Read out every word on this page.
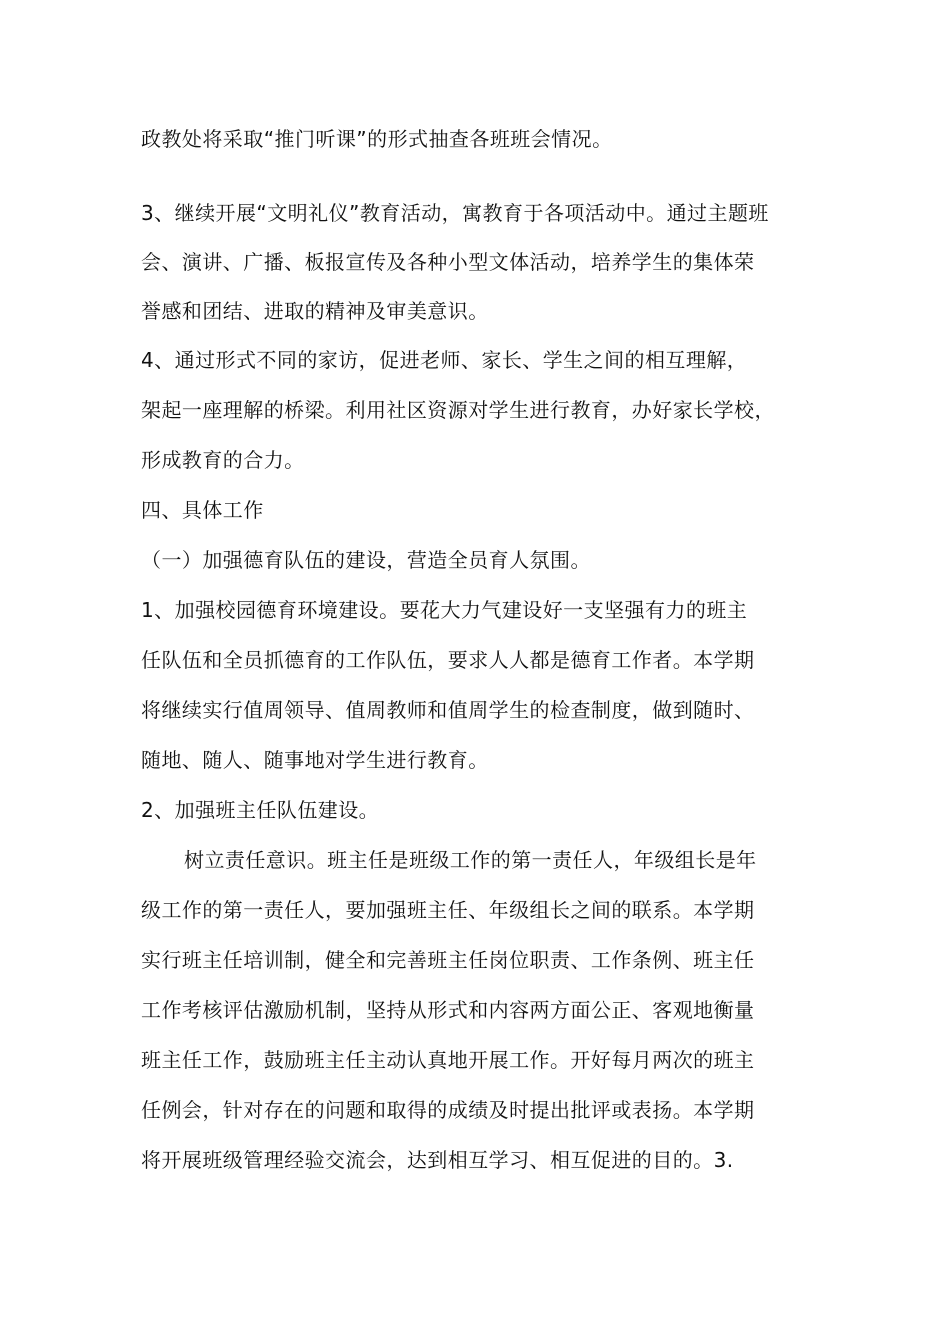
政教处将采取“推门听课”的形式抽查各班班会情况。
3、继续开展“文明礼仪”教育活动，寓教育于各项活动中。通过主题班
会、演讲、广播、板报宣传及各种小型文体活动，培养学生的集体荣
誉感和团结、进取的精神及审美意识。
4、通过形式不同的家访，促进老师、家长、学生之间的相互理解，
架起一座理解的桥梁。利用社区资源对学生进行教育，办好家长学校，
形成教育的合力。
四、具体工作
（一）加强德育队伍的建设，营造全员育人氛围。
1、加强校园德育环境建设。要花大力气建设好一支坚强有力的班主
任队伍和全员抓德育的工作队伍，要求人人都是德育工作者。本学期
将继续实行值周领导、值周教师和值周学生的检查制度，做到随时、
随地、随人、随事地对学生进行教育。
2、加强班主任队伍建设。
树立责任意识。班主任是班级工作的第一责任人，年级组长是年
级工作的第一责任人，要加强班主任、年级组长之间的联系。本学期
实行班主任培训制，健全和完善班主任岗位职责、工作条例、班主任
工作考核评估激励机制，坚持从形式和内容两方面公正、客观地衡量
班主任工作，鼓励班主任主动认真地开展工作。开好每月两次的班主
任例会，针对存在的问题和取得的成绩及时提出批评或表扬。本学期
将开展班级管理经验交流会，达到相互学习、相互促进的目的。3.
